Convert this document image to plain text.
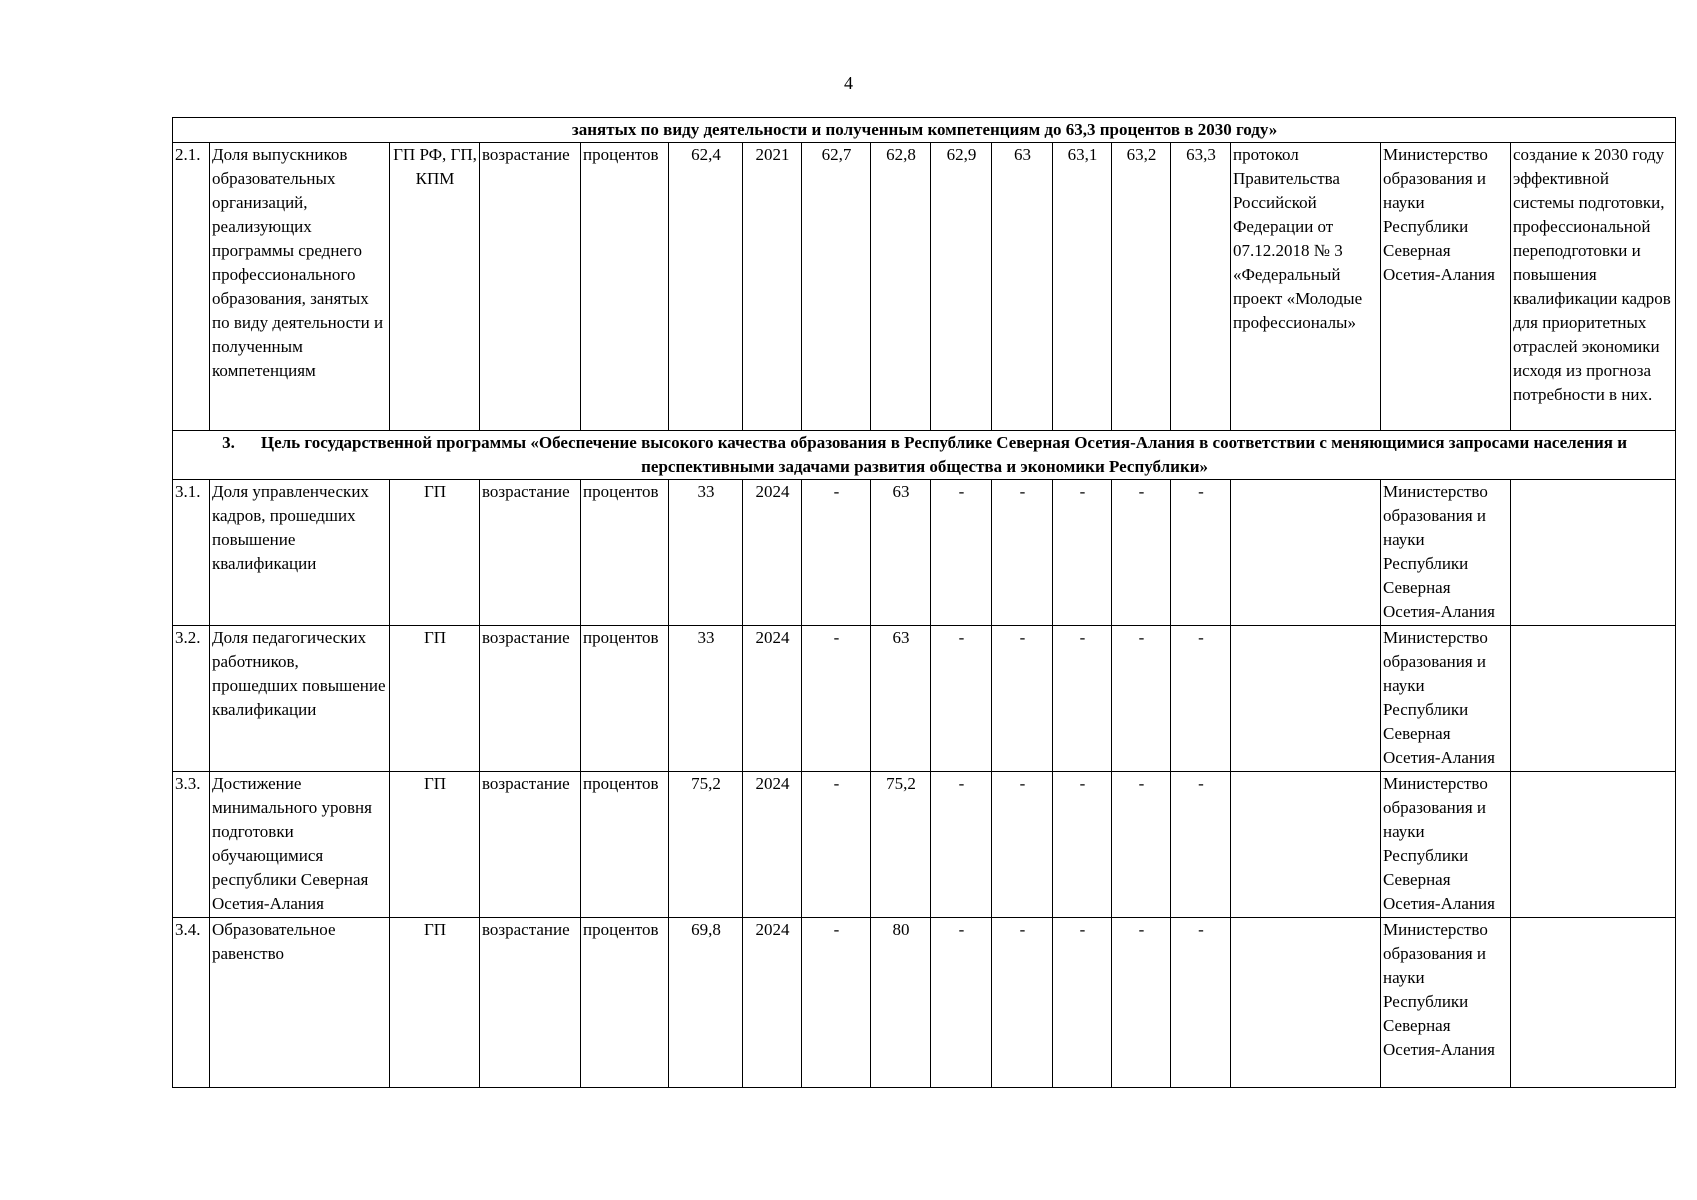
4
занятых по виду деятельности и полученным компетенциям до 63,3 процентов в 2030 году»																
2.1.	Доля выпускников образовательных организаций, реализующих программы среднего профессионального образования, занятых по виду деятельности и полученным компетенциям	ГП РФ, ГП, КПМ	возрастание	процентов	62,4	2021	62,7	62,8	62,9	63	63,1	63,2	63,3	протокол Правительства Российской Федерации от 07.12.2018 № 3 «Федеральный проект «Молодые профессионалы»	Министерство образования и науки Республики Северная Осетия-Алания	создание к 2030 году эффективной системы подготовки, профессиональной переподготовки и повышения квалификации кадров для приоритетных отраслей экономики исходя из прогноза потребности в них.
3. Цель государственной программы «Обеспечение высокого качества образования в Республике Северная Осетия-Алания в соответствии с меняющимися запросами населения и перспективными задачами развития общества и экономики Республики»																
3.1.	Доля управленческих кадров, прошедших повышение квалификации	ГП	возрастание	процентов	33	2024	-	63	-	-	-	-	-		Министерство образования и науки Республики Северная Осетия-Алания	
3.2.	Доля педагогических работников, прошедших повышение квалификации	ГП	возрастание	процентов	33	2024	-	63	-	-	-	-	-		Министерство образования и науки Республики Северная Осетия-Алания	
3.3.	Достижение минимального уровня подготовки обучающимися республики Северная Осетия-Алания	ГП	возрастание	процентов	75,2	2024	-	75,2	-	-	-	-	-		Министерство образования и науки Республики Северная Осетия-Алания	
3.4.	Образовательное равенство	ГП	возрастание	процентов	69,8	2024	-	80	-	-	-	-	-		Министерство образования и науки Республики Северная Осетия-Алания	
